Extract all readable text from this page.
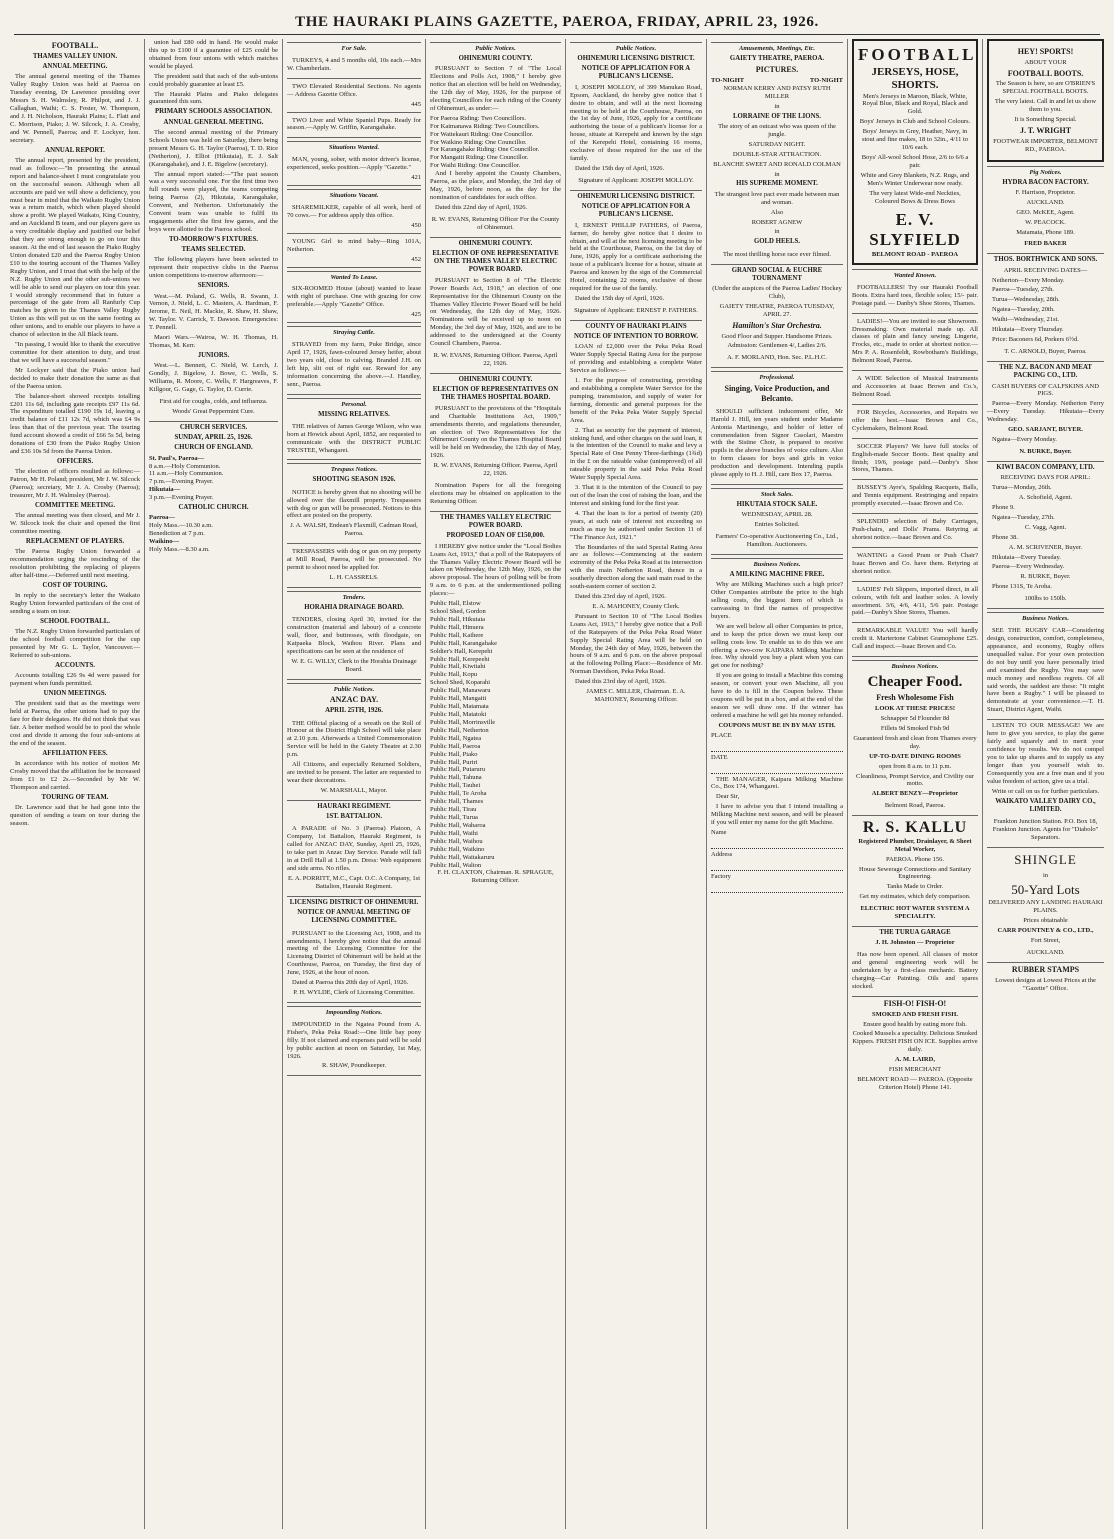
THE HAURAKI PLAINS GAZETTE, PAEROA, FRIDAY, APRIL 23, 1926.
FOOTBALL.
THAMES VALLEY UNION.
ANNUAL MEETING.

The annual general meeting of the Thames Valley Rugby Union was held at Paeroa on Tuesday evening, Dr Lawrence presiding over Messrs S. H. Walmsley, R. Philpot, and J. J. Callaghan, Waihi; C. S. Foster, W. Thompson, and J. H. Nicholson, Hauraki Plains; L. Flatt and C. Morrison, Piako; J. W. Silcock, J. A. Crosby, and W. Pennell, Paeroa; and F. Lockyer, hon. secretary.

ANNUAL REPORT.

The annual report, presented by the president, read as follows:—"In presenting the annual report and balance-sheet I must congratulate you on the successful season. Although when all accounts are paid we will show a deficiency, you must bear in mind that the Waikato Rugby Union was a return match, which when played should show a profit. We played Waikato, King Country, and an Auckland B team, and our players gave us a very creditable display and justified our belief that they are strong enough to go on tour this season. At the end of last season the Piako Rugby Union donated £20 and the Paeroa Rugby Union £10 to the touring account of the Thames Valley Rugby Union, and I trust that with the help of the N.Z. Rugby Union and the other sub-unions we will be able to send our players on tour this year. I would strongly recommend that in future a percentage of the gate from all Ranfurly Cup matches be given to the Thames Valley Rugby Union as this will put us on the same footing as other unions, and to enable our players to have a chance of selection in the All Black team.

"In passing, I would like to thank the executive committee for their attention to duty, and trust that we will have a successful season."

Mr Lockyer said that the Piako union had decided to make their donation the same as that of the Paeroa union.

The balance-sheet showed receipts totalling £201 11s 6d, including gate receipts £97 11s 6d. The expenditure totalled £190 19s 1d, leaving a credit balance of £11 12s 7d, which was £4 9s less than that of the previous year. The touring fund account showed a credit of £66 5s 5d, being donations of £30 from the Piako Rugby Union and £36 10s 5d from the Paeroa Union.

OFFICERS.

The election of officers resulted as follows:—Patron, Mr H. Poland; president, Mr J. W. Silcock (Paeroa); secretary, Mr J. A. Crosby (Paeroa); treasurer, Mr J. H. Walmsley (Paeroa).

COMMITTEE MEETING.

The annual meeting was then closed, and Mr J. W. Silcock took the chair and opened the first committee meeting.

REPLACEMENT OF PLAYERS.

The Paeroa Rugby Union forwarded a recommendation urging the rescinding of the resolution prohibiting the replacing of players after half-time.—Deferred until next meeting.

COST OF TOURING.

In reply to the secretary's letter the Waikato Rugby Union forwarded particulars of the cost of sending a team on tour.

SCHOOL FOOTBALL.

The N.Z. Rugby Union forwarded particulars of the school football competition for the cup presented by Mr G. L. Taylor, Vancouver.—Referred to sub-unions.

ACCOUNTS.

Accounts totalling £26 9s 4d were passed for payment when funds permitted.

UNION MEETINGS.

The president said that as the meetings were held at Paeroa, the other unions had to pay the fare for their delegates. He did not think that was fair. A better method would be to pool the whole cost and divide it among the four sub-unions at the end of the season.

AFFILIATION FEES.

In accordance with his notice of motion Mr Crosby moved that the affiliation fee be increased from £1 to £2 2s.—Seconded by Mr W. Thompson and carried.

TOURING OF TEAM.

Dr. Lawrence said that he had gone into the question of sending a team on tour during the season.

union had £80 odd in hand. He would make this up to £100 if a guarantee of £25 could be obtained from four unions with which matches would be played.

The president said that each of the sub-unions could probably guarantee at least £5.

The Hauraki Plains and Piako delegates guaranteed this sum.

PRIMARY SCHOOLS ASSOCIATION.
ANNUAL GENERAL MEETING.

The second annual meeting of the Primary Schools Union was held on Saturday, there being present Messrs G. H. Taylor (Paeroa), T. D. Rice (Netherton), J. Elliot (Hikutaia), E. J. Salt (Karangahake), and J. E. Bigelow (secretary).

The annual report stated:—"The past season was a very successful one. For the first time two full rounds were played, the teams competing being Paeroa (2), Hikutaia, Karangahake, Convent, and Netherton. Unfortunately the Convent team was unable to fulfil its engagements after the first few games, and the boys were allotted to the Paeroa school.

TO-MORROW'S FIXTURES.
TEAMS SELECTED.

The following players have been selected to represent their respective clubs in the Paeroa union competitions to-morrow afternoon:—

SENIORS.

West.—M. Poland, G. Wells, R. Swann, J. Vernon, J. Nield, L. C. Masters, A. Hardman, F. Jerome, E. Neil, H. Mackie, R. Shaw, H. Shaw, W. Taylor. V. Carrick, T. Dawson. Emergencies: T. Pennell.

Maori Wars.—Wairoa, W. H. Thomas, H. Thomas, M. Kerr.

JUNIORS.

West.—L. Bennett, C. Nield, W. Lerch, J. Gondly, J. Bigelow, J. Bowe, C. Wells, S. Williams, R. Moore, C. Wells, F. Hargreaves, F. Killgour, G. Gage, G. Taylor, D. Currie.

First aid for coughs, colds, and influenza.

Woods' Great Peppermint Cure.

CHURCH SERVICES.
SUNDAY, APRIL 25, 1926.
CHURCH OF ENGLAND.
St. Paul's, Paeroa—
8 a.m.—Holy Communion.
11 a.m.—Holy Communion.
7 p.m.—Evening Prayer.
Hikutaia—
3 p.m.—Evening Prayer.
CATHOLIC CHURCH.
Paeroa—
Holy Mass.—10.30 a.m.
Benediction at 7 p.m.
Waikino—
Holy Mass.—8.30 a.m.
For Sale.

TURKEYS, 4 and 5 months old, 10s each.—Mrs W. Chamberlain.

TWO Elevated Residential Sections. No agents — Address Gazette Office.

445

TWO Liver and White Spaniel Pups. Ready for season.—Apply W. Griffin, Karangahake.

Situations Wanted.

MAN, young, sober, with motor driver's license, experienced, seeks position.—Apply "Gazette."

421
Situations Vacant.

SHAREMILKER, capable of all work, herd of 70 cows.— For address apply this office.

450

YOUNG Girl to mind baby—Ring 101A, Netherton.

452
Wanted To Lease.

SIX-ROOMED House (about) wanted to lease with right of purchase. One with grazing for cow preferable.—Apply "Gazette" Office.

425
Straying Cattle.

STRAYED from my farm, Puke Bridge, since April 17, 1926, fawn-coloured Jersey heifer, about two years old, close to calving. Branded J.H. on left hip, slit out of right ear. Reward for any information concerning the above.—J. Handley, senr., Paeroa.

Personal.
MISSING RELATIVES.

THE relatives of James George Wilson, who was born at Howick about April, 1852, are requested to communicate with the DISTRICT PUBLIC TRUSTEE, Whangarei.

Trespass Notices.
SHOOTING SEASON 1926.

NOTICE is hereby given that no shooting will be allowed over the flaxmill property. Trespassers with dog or gun will be prosecuted. Notices to this effect are posted on the property.

J. A. WALSH, Endean's Flaxmill, Cadman Road, Paeroa.

TRESPASSERS with dog or gun on my property at Mill Road, Paeroa, will be prosecuted. No permit to shoot need be applied for.

L. H. CASSRELS.

Tenders.
HORAHIA DRAINAGE BOARD.

TENDERS, closing April 30, invited for the construction (material and labour) of a concrete wall, floor, and buttresses, with floodgate, on Kaipaeka Block, Waihou River. Plans and specifications can be seen at the residence of

W. E. G. WILLY, Clerk to the Horahia Drainage Board.

Public Notices.
ANZAC DAY.
APRIL 25TH, 1926.

THE Official placing of a wreath on the Roll of Honour at the District High School will take place at 2.10 p.m. Afterwards a United Commemoration Service will be held in the Gaiety Theatre at 2.30 p.m.

All Citizens, and especially Returned Soldiers, are invited to be present. The latter are requested to wear their decorations.

W. MARSHALL, Mayor.

HAURAKI REGIMENT.
1ST. BATTALION.

A PARADE of No. 3 (Paeroa) Platoon, A Company, 1st Battalion, Hauraki Regiment, is called for ANZAC DAY, Sunday, April 25, 1926, to take part in Anzac Day Service. Parade will fall in at Drill Hall at 1.50 p.m. Dress: Web equipment and side arms. No rifles.

E. A. PORRITT, M.C., Capt. O.C. A Company, 1st Battalion, Hauraki Regiment.

LICENSING DISTRICT OF OHINEMURI.
NOTICE OF ANNUAL MEETING OF LICENSING COMMITTEE.

PURSUANT to the Licensing Act, 1908, and its amendments, I hereby give notice that the annual meeting of the Licensing Committee for the Licensing District of Ohinemuri will be held at the Courthouse, Paeroa, on Tuesday, the first day of June, 1926, at the hour of noon.

Dated at Paeroa this 20th day of April, 1926.

P. H. WYLDE, Clerk of Licensing Committee.

Impounding Notices.

IMPOUNDED in the Ngatea Pound from A. Fisher's, Peka Peka Road:—One little bay pony filly. If not claimed and expenses paid will be sold by public auction at noon on Saturday, 1st May, 1926.

R. SHAW, Poundkeeper.

Public Notices.
OHINEMURI COUNTY.

PURSUANT to Section 7 of "The Local Elections and Polls Act, 1908," I hereby give notice that an election will be held on Wednesday, the 12th day of May, 1926, for the purpose of electing Councillors for each riding of the County of Ohinemuri, as under:—

For Paeroa Riding: Two Councillors.
For Kaimanawa Riding: Two Councillors.
For Waitekauri Riding: One Councillor.
For Waikino Riding: One Councillor.
For Karangahake Riding: One Councillor.
For Mangaiti Riding: One Councillor.
For Waihi Riding: One Councillor.

And I hereby appoint the County Chambers, Paeroa, as the place, and Monday, the 3rd day of May, 1926, before noon, as the day for the nomination of candidates for such office.

Dated this 22nd day of April, 1926.

R. W. EVANS, Returning Officer For the County of Ohinemuri.

OHINEMURI COUNTY.
ELECTION OF ONE REPRESENTATIVE ON THE THAMES VALLEY ELECTRIC POWER BOARD.

PURSUANT to Section 8 of "The Electric Power Boards Act, 1918," an election of one Representative for the Ohinemuri County on the Thames Valley Electric Power Board will be held on Wednesday, the 12th day of May, 1926. Nominations will be received up to noon on Monday, the 3rd day of May, 1926, and are to be addressed to the undersigned at the County Council Chambers, Paeroa.

R. W. EVANS, Returning Officer. Paeroa, April 22, 1926.

OHINEMURI COUNTY.
ELECTION OF REPRESENTATIVES ON THE THAMES HOSPITAL BOARD.

PURSUANT to the provisions of the "Hospitals and Charitable Institutions Act, 1909," amendments thereto, and regulations thereunder, an election of Two Representatives for the Ohinemuri County on the Thames Hospital Board will be held on Wednesday, the 12th day of May, 1926.

R. W. EVANS, Returning Officer. Paeroa, April 22, 1926.

Nomination Papers for all the foregoing elections may be obtained on application to the Returning Officer.

THE THAMES VALLEY ELECTRIC POWER BOARD.
PROPOSED LOAN OF £150,000.

I HEREBY give notice under the "Local Bodies Loans Act, 1913," that a poll of the Ratepayers of the Thames Valley Electric Power Board will be taken on Wednesday, the 12th May, 1926, on the above proposal. The hours of polling will be from 9 a.m. to 6 p.m. at the undermentioned polling places:—

Public Hall, Elstow
School Shed, Gordon
Public Hall, Hikutaia
Public Hall, Hinuera
Public Hall, Kaihere
Public Hall, Karangahake
Soldier's Hall, Kerepehi
Public Hall, Kerepeehi
Public Hall, Kiwitahi
Public Hall, Kopu
School Shed, Koparahi
Public Hall, Manawaru
Public Hall, Mangaiti
Public Hall, Matamata
Public Hall, Matatoki
Public Hall, Morrinsville
Public Hall, Netherton
Public Hall, Ngatea
Public Hall, Paeroa
Public Hall, Piako
Public Hall, Puriri
Public Hall, Putaruru
Public Hall, Tahuna
Public Hall, Tauhei
Public Hall, Te Aroha
Public Hall, Thames
Public Hall, Tirau
Public Hall, Turua
Public Hall, Waharoa
Public Hall, Waihi
Public Hall, Waihou
Public Hall, Waikino
Public Hall, Waitakaruru
Public Hall, Walton

F. H. CLAXTON, Chairman. R. SPRAGUE, Returning Officer.

Public Notices.
OHINEMURI LICENSING DISTRICT.
NOTICE OF APPLICATION FOR A PUBLICAN'S LICENSE.

I, JOSEPH MOLLOY, of 399 Manukau Road, Epsom, Auckland, do hereby give notice that I desire to obtain, and will at the next licensing meeting to be held at the Courthouse, Paeroa, on the 1st day of June, 1926, apply for a certificate authorising the issue of a publican's license for a house, situate at Kerepehi and known by the sign of the Kerepehi Hotel, containing 16 rooms, exclusive of those required for the use of the family.

Dated the 15th day of April, 1926.

Signature of Applicant: JOSEPH MOLLOY.

OHINEMURI LICENSING DISTRICT.
NOTICE OF APPLICATION FOR A PUBLICAN'S LICENSE.

I, ERNEST PHILLIP FATHERS, of Paeroa, farmer, do hereby give notice that I desire to obtain, and will at the next licensing meeting to be held at the Courthouse, Paeroa, on the 1st day of June, 1926, apply for a certificate authorising the issue of a publican's license for a house, situate at Paeroa and known by the sign of the Commercial Hotel, containing 22 rooms, exclusive of those required for the use of the family.

Dated the 15th day of April, 1926.

Signature of Applicant: ERNEST P. FATHERS.

COUNTY OF HAURAKI PLAINS
NOTICE OF INTENTION TO BORROW.

LOAN of £2,000 over the Peka Peka Road Water Supply Special Rating Area for the purpose of providing and establishing a complete Water Service as follows:—

1. For the purpose of constructing, providing and establishing a complete Water Service for the pumping, transmission, and supply of water for farming, domestic and general purposes for the benefit of the Peka Peka Water Supply Special Area.

2. That as security for the payment of interest, sinking fund, and other charges on the said loan, it is the intention of the Council to make and levy a Special Rate of One Penny Three-farthings (1¾d) in the £ on the rateable value (unimproved) of all rateable property in the said Peka Peka Road Water Supply Special Area.

3. That it is the intention of the Council to pay out of the loan the cost of raising the loan, and the interest and sinking fund for the first year.

4. That the loan is for a period of twenty (20) years, at such rate of interest not exceeding so much as may be authorised under Section 11 of "The Finance Act, 1921."

The Boundaries of the said Special Rating Area are as follows:—Commencing at the eastern extremity of the Peka Peka Road at its intersection with the main Netherton Road, thence in a southerly direction along the said main road to the south-eastern corner of section 2.

Dated this 23rd day of April, 1926.

E. A. MAHONEY, County Clerk.

Pursuant to Section 10 of "The Local Bodies Loans Act, 1913," I hereby give notice that a Poll of the Ratepayers of the Peka Peka Road Water Supply Special Rating Area will be held on Monday, the 24th day of May, 1926, between the hours of 9 a.m. and 6 p.m. on the above proposal at the following Polling Place:—Residence of Mr. Norman Davidson, Peka Peka Road.

Dated this 23rd day of April, 1926.

JAMES C. MILLER, Chairman. E. A. MAHONEY, Returning Officer.

Amusements, Meetings, Etc.
GAIETY THEATRE, PAEROA.
PICTURES.
TO-NIGHT	TO-NIGHT

NORMAN KERRY AND PATSY RUTH MILLER

in

LORRAINE OF THE LIONS.

The story of an outcast who was queen of the jungle.

SATURDAY NIGHT.

DOUBLE-STAR ATTRACTION.

BLANCHE SWEET AND RONALD COLMAN

in

HIS SUPREME MOMENT.

The strangest love pact ever made between man and woman.

Also

ROBERT AGNEW

in

GOLD HEELS.

The most thrilling horse race ever filmed.

GRAND SOCIAL & EUCHRE TOURNAMENT

(Under the auspices of the Paeroa Ladies' Hockey Club),

GAIETY THEATRE, PAEROA TUESDAY, APRIL 27.

Hamilton's Star Orchestra.

Good Floor and Supper. Handsome Prizes.

Admission: Gentlemen 4/, Ladies 2/6.

A. F. MORLAND, Hon. Sec. P.L.H.C.

Professional.
Singing, Voice Production, and Belcanto.

SHOULD sufficient inducement offer, Mr Harold J. Hill, ten years student under Madame Antonia Martinengo, and holder of letter of commendation from Signor Casolari, Maestro with the Sistine Choir, is prepared to receive pupils in the above branches of voice culture. Also to form classes for boys and girls in voice production and development. Intending pupils please apply to H. J. Hill, care Box 17, Paeroa.

Stock Sales.
HIKUTAIA STOCK SALE.

WEDNESDAY, APRIL 28.

Entries Solicited.

Farmers' Co-operative Auctioneering Co., Ltd., Hamilton. Auctioneers.

Business Notices.
A MILKING MACHINE FREE.

Why are Milking Machines such a high price? Other Companies attribute the price to the high selling costs, the biggest item of which is canvassing to find the names of prospective buyers.

We are well below all other Companies in price, and to keep the price down we must keep our selling costs low. To enable us to do this we are offering a two-cow KAIPARA Milking Machine free. Why should you buy a plant when you can get one for nothing?

If you are going to install a Machine this coming season, or convert your own Machine, all you have to do is fill in the Coupon below. These coupons will be put in a box, and at the end of the season we will draw one. If the winner has ordered a machine he will get his money refunded.

COUPONS MUST BE IN BY MAY 15TH.

PLACE
DATE

THE MANAGER, Kaipara Milking Machine Co., Box 174, Whangarei.

Dear Sir,

I have to advise you that I intend installing a Milking Machine next season, and will be pleased if you will enter my name for the gift Machine.

Name
Address
Factory
FOOTBALL
JERSEYS, HOSE, SHORTS.

Men's Jerseys in Maroon, Black, White, Royal Blue, Black and Royal, Black and Gold.

Boys' Jerseys in Club and School Colours.

Boys' Jerseys in Grey, Heather, Navy, in stout and fine makes, 18 to 32in., 4/11 to 10/6 each.

Boys' All-wool School Hose, 2/6 to 6/6 a pair.

White and Grey Blankets, N.Z. Rugs, and Men's Winter Underwear now ready.

The very latest Wide-end Neckties, Coloured Bows & Dress Bows

E. V. SLYFIELD
BELMONT ROAD - PAEROA
Wanted Known.

FOOTBALLERS! Try our Hauraki Football Boots. Extra hard toes, flexible soles; 15/- pair. Postage paid. — Danby's Shoe Stores, Thames.

LADIES!—You are invited to our Showroom. Dressmaking. Own material made up. All classes of plain and fancy sewing; Lingerie, Frocks, etc., made to order at shortest notice.—Mrs P. A. Rosenfeldt, Rowbotham's Buildings, Belmont Road, Paeroa.

A WIDE Selection of Musical Instruments and Accessories at Isaac Brown and Co.'s, Belmont Road.

FOR Bicycles, Accessories, and Repairs we offer the best.—Isaac Brown and Co., Cyclemakers, Belmont Road.

SOCCER Players? We have full stocks of English-made Soccer Boots. Best quality and finish; 19/6, postage paid.—Danby's Shoe Stores, Thames.

BUSSEY'S Ayre's, Spalding Racquets, Balls, and Tennis equipment. Restringing and repairs promptly executed.—Isaac Brown and Co.

SPLENDID selection of Baby Carriages, Push-chairs, and Dolls' Prams. Retyring at shortest notice.—Isaac Brown and Co.

WANTING a Good Pram or Push Chair? Isaac Brown and Co. have them. Retyring at shortest notice.

LADIES' Felt Slippers, imported direct, in all colours, with felt and leather soles. A lovely assortment. 3/6, 4/6, 4/11, 5/6 pair. Postage paid.—Danby's Shoe Stores, Thames.

REMARKABLE VALUE! You will hardly credit it. Martertone Cabinet Gramophone £25. Call and inspect.—Isaac Brown and Co.

Business Notices.
Cheaper Food.
Fresh Wholesome Fish

LOOK AT THESE PRICES!

Schnapper 5d Flounder 8d

Fillets 9d Smoked Fish 9d

Guaranteed fresh and clean from Thames every day.

UP-TO-DATE DINING ROOMS

open from 8 a.m. to 11 p.m.

Cleanliness, Prompt Service, and Civility our motto.

ALBERT BENZY—Proprietor

Belmont Road, Paeroa.

R. S. KALLU

Registered Plumber, Drainlayer, & Sheet Metal Worker,

PAEROA. Phone 156.

House Sewerage Connections and Sanitary Engineering.

Tanks Made to Order.

Get my estimates, which defy comparison.

ELECTRIC HOT WATER SYSTEM A SPECIALITY.

THE TURUA GARAGE

J. H. Johnston — Proprietor

Has now been opened. All classes of motor and general engineering work will be undertaken by a first-class mechanic. Battery charging—Car Painting. Oils and spares stocked.

FISH-O! FISH-O!

SMOKED AND FRESH FISH.

Ensure good health by eating more fish.

Cooked Mussels a speciality. Delicious Smoked Kippers. FRESH FISH ON ICE. Supplies arrive daily.

A. M. LAIRD,

FISH MERCHANT

BELMONT ROAD — PAEROA. (Opposite Criterion Hotel) Phone 141.

HEY! SPORTS!
ABOUT YOUR
FOOTBALL BOOTS.

The Season is here, so are O'BRIEN'S SPECIAL FOOTBALL BOOTS.

The very latest. Call in and let us show them to you.

It is Something Special.

J. T. WRIGHT

FOOTWEAR IMPORTER, BELMONT RD., PAEROA.

Pig Notices.
HYDRA BACON FACTORY.

F. Harrison, Proprietor.

AUCKLAND.

GEO. McKEE, Agent.

W. PEACOCK.

Matamata, Phone 189.

FRED BAKER

THOS. BORTHWICK AND SONS.

APRIL RECEIVING DATES—

Netherton—Every Monday.

Paeroa—Tuesday, 27th.

Turua—Wednesday, 28th.

Ngatea—Tuesday, 20th.

Waihi—Wednesday, 21st.

Hikutaia—Every Thursday.

Price: Baconers 6d, Porkers 6½d.

T. C. ARNOLD, Buyer, Paeroa.

THE N.Z. BACON AND MEAT PACKING CO., LTD.

CASH BUYERS OF CALFSKINS AND PIGS.

Paeroa—Every Monday. Netherton Ferry—Every Tuesday. Hikutaia—Every Wednesday.

GEO. SARJANT, BUYER.

Ngatea—Every Monday.

N. BURKE, Buyer.

KIWI BACON COMPANY, LTD.

RECEIVING DAYS FOR APRIL:

Turua—Monday, 26th.

A. Schofield, Agent.

Phone 9.

Ngatea—Tuesday, 27th.

C. Vagg, Agent.

Phone 38.

A. M. SCRIVENER, Buyer.

Hikutaia—Every Tuesday.

Paeroa—Every Wednesday.

R. BURKE, Buyer.

Phone 131S, Te Aroha.

100lbs to 150lb.

Business Notices.

SEE THE RUGBY CAR—Considering design, construction, comfort, completeness, appearance, and economy, Rugby offers unequalled value. For your own protection do not buy until you have personally tried and examined the Rugby. You may save much money and needless regrets. Of all said words, the saddest are these: "It might have been a Rugby." I will be pleased to demonstrate at your convenience.—T. H. Stuart, District Agent, Waihi.

LISTEN TO OUR MESSAGE! We are here to give you service, to play the game fairly and squarely and to merit your confidence by results. We do not compel you to take up shares and to supply us any longer than you yourself wish to. Consequently you are a free man and if you value freedom of action, give us a trial.

Write or call on us for further particulars.

WAIKATO VALLEY DAIRY CO., LIMITED.

Frankton Junction Station. P.O. Box 18, Frankton Junction. Agents for "Diabolo" Separators.

SHINGLE
in
50-Yard Lots

DELIVERED ANY LANDING HAURAKI PLAINS.

Prices obtainable

CARR POUNTNEY & CO., LTD.,

Fort Street,

AUCKLAND.

RUBBER STAMPS

Lowest designs at Lowest Prices at the "Gazette" Office.
